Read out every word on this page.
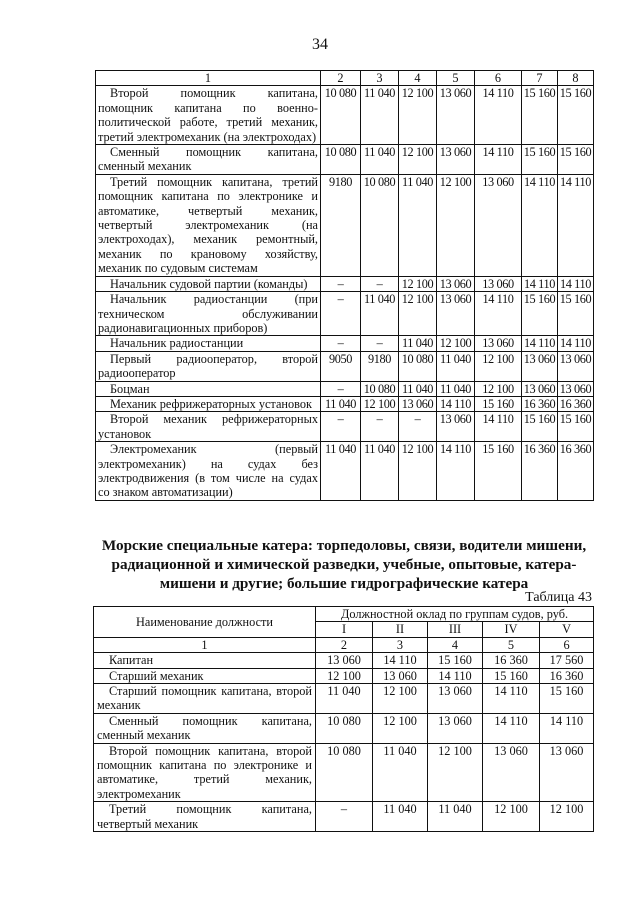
34
1	2	3	4	5	6	7	8
Второй помощник капитана, помощник капитана по военно-политической работе, третий механик, третий электромеханик (на электроходах)	10 080	11 040	12 100	13 060	14 110	15 160	15 160
Сменный помощник капитана, сменный механик	10 080	11 040	12 100	13 060	14 110	15 160	15 160
Третий помощник капитана, третий помощник капитана по электронике и автоматике, четвертый механик, четвертый электромеханик (на электроходах), механик ремонтный, механик по крановому хозяйству, механик по судовым системам	9180	10 080	11 040	12 100	13 060	14 110	14 110
Начальник судовой партии (команды)	–	–	12 100	13 060	13 060	14 110	14 110
Начальник радиостанции (при техническом обслуживании радионавигационных приборов)	–	11 040	12 100	13 060	14 110	15 160	15 160
Начальник радиостанции	–	–	11 040	12 100	13 060	14 110	14 110
Первый радиооператор, второй радиооператор	9050	9180	10 080	11 040	12 100	13 060	13 060
Боцман	–	10 080	11 040	11 040	12 100	13 060	13 060
Механик рефрижераторных установок	11 040	12 100	13 060	14 110	15 160	16 360	16 360
Второй механик рефрижераторных установок	–	–	–	13 060	14 110	15 160	15 160
Электромеханик (первый электромеханик) на судах без электродвижения (в том числе на судах со знаком автоматизации)	11 040	11 040	12 100	14 110	15 160	16 360	16 360
Морские специальные катера: торпедоловы, связи, водители мишени, радиационной и химической разведки, учебные, опытовые, катера-мишени и другие; большие гидрографические катера
Таблица 43
Наименование должности	Должностной оклад по группам судов, руб.				
	I	II	III	IV	V
1	2	3	4	5	6
Капитан	13 060	14 110	15 160	16 360	17 560
Старший механик	12 100	13 060	14 110	15 160	16 360
Старший помощник капитана, второй механик	11 040	12 100	13 060	14 110	15 160
Сменный помощник капитана, сменный механик	10 080	12 100	13 060	14 110	14 110
Второй помощник капитана, второй помощник капитана по электронике и автоматике, третий механик, электромеханик	10 080	11 040	12 100	13 060	13 060
Третий помощник капитана, четвертый механик	–	11 040	11 040	12 100	12 100
